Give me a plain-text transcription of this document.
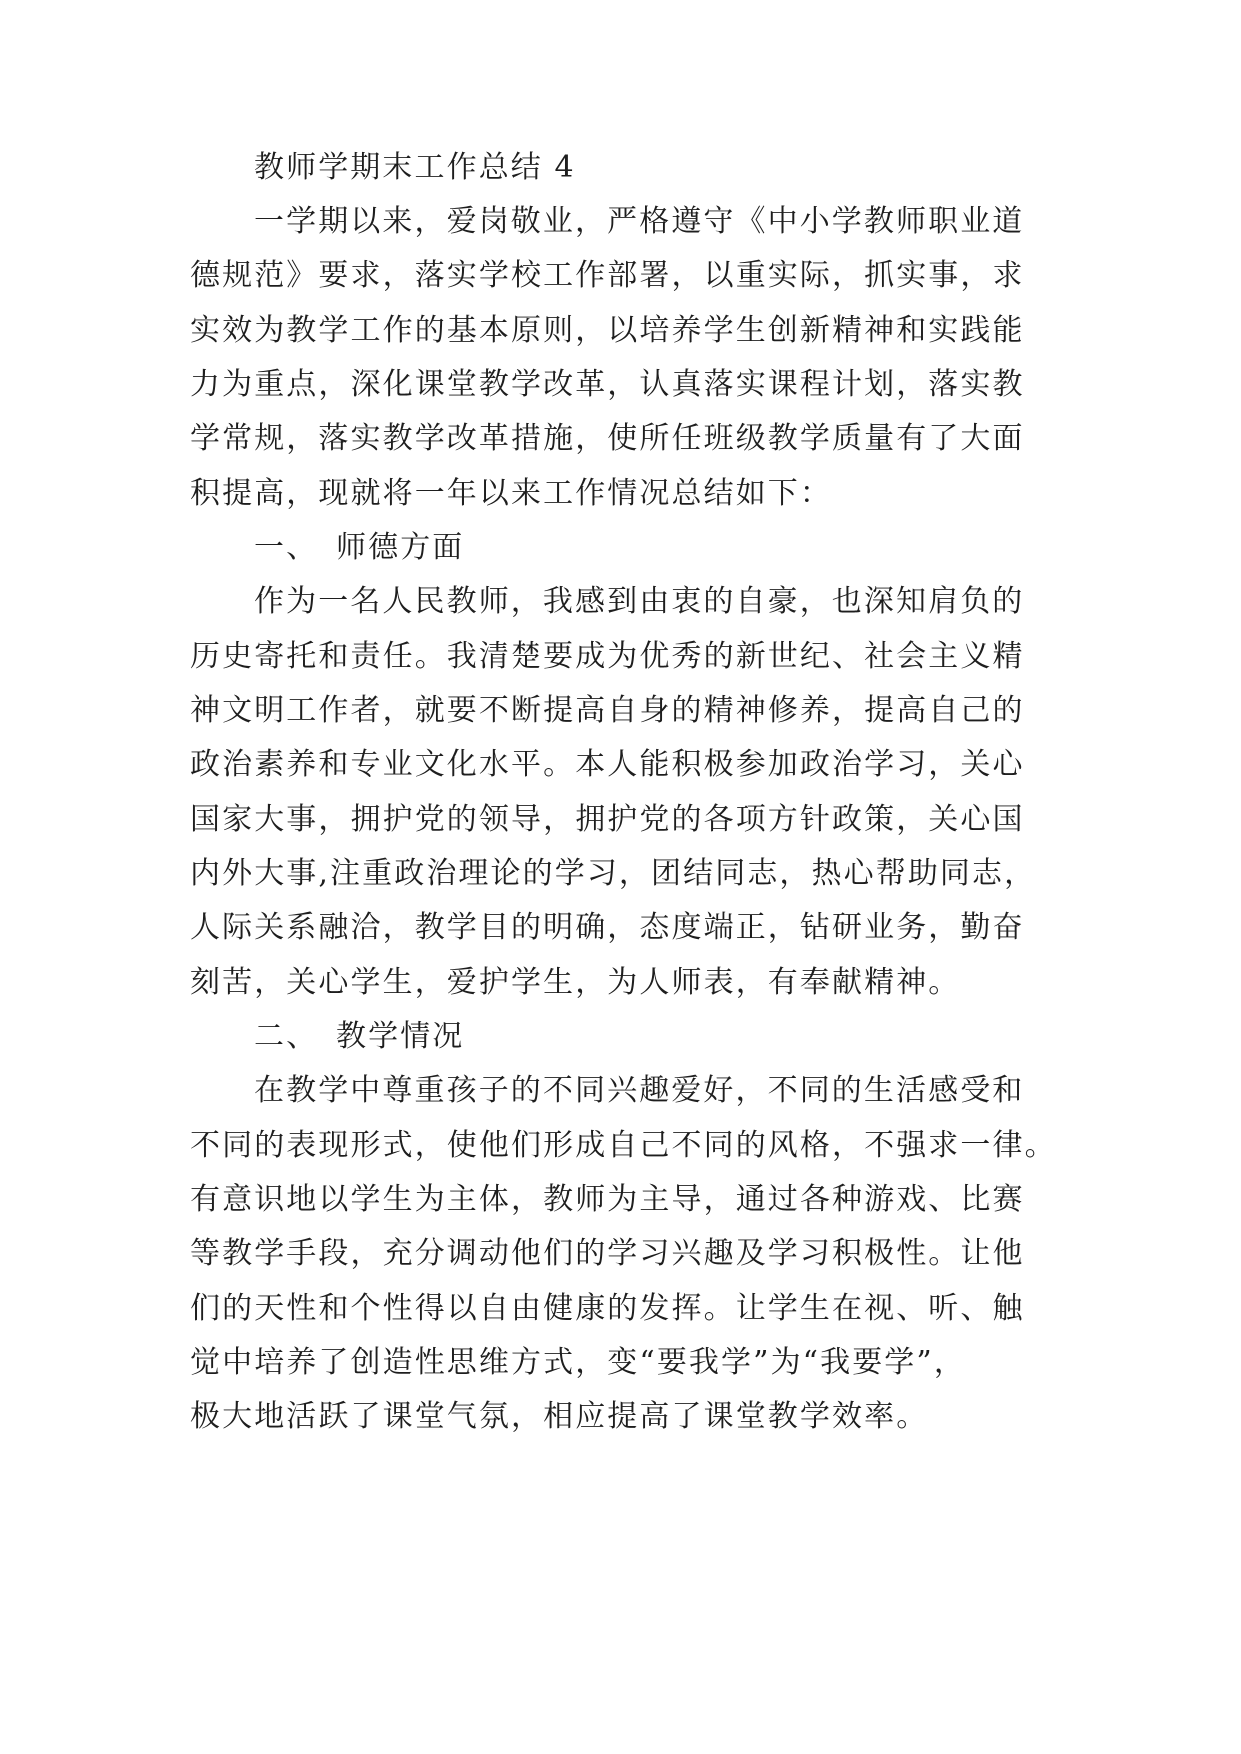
教师学期末工作总结 4
一学期以来，爱岗敬业，严格遵守《中小学教师职业道
德规范》要求，落实学校工作部署，以重实际，抓实事，求
实效为教学工作的基本原则，以培养学生创新精神和实践能
力为重点，深化课堂教学改革，认真落实课程计划，落实教
学常规，落实教学改革措施，使所任班级教学质量有了大面
积提高，现就将一年以来工作情况总结如下：
一、 师德方面
作为一名人民教师，我感到由衷的自豪，也深知肩负的
历史寄托和责任。我清楚要成为优秀的新世纪、社会主义精
神文明工作者，就要不断提高自身的精神修养，提高自己的
政治素养和专业文化水平。本人能积极参加政治学习，关心
国家大事，拥护党的领导，拥护党的各项方针政策，关心国
内外大事,注重政治理论的学习，团结同志，热心帮助同志，
人际关系融洽，教学目的明确，态度端正，钻研业务，勤奋
刻苦，关心学生，爱护学生，为人师表，有奉献精神。
二、 教学情况
在教学中尊重孩子的不同兴趣爱好，不同的生活感受和
不同的表现形式，使他们形成自己不同的风格，不强求一律。
有意识地以学生为主体，教师为主导，通过各种游戏、比赛
等教学手段，充分调动他们的学习兴趣及学习积极性。让他
们的天性和个性得以自由健康的发挥。让学生在视、听、触
觉中培养了创造性思维方式，变“要我学”为“我要学”，
极大地活跃了课堂气氛，相应提高了课堂教学效率。
